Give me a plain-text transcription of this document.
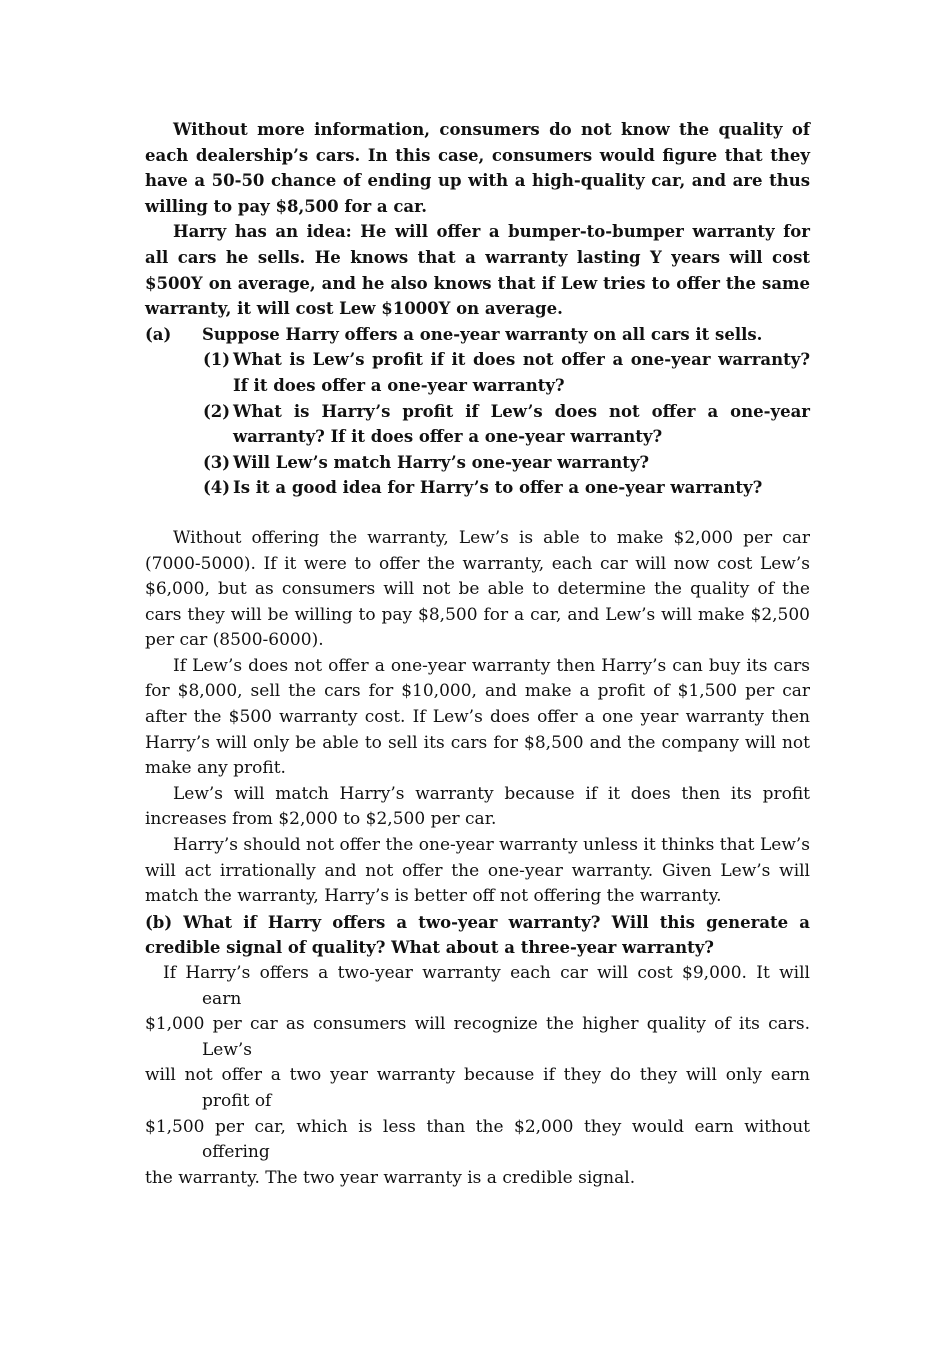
Without more information, consumers do not know the quality of each dealership’s cars. In this case, consumers would figure that they have a 50-50 chance of ending up with a high-quality car, and are thus willing to pay $8,500 for a car.

Harry has an idea: He will offer a bumper-to-bumper warranty for all cars he sells. He knows that a warranty lasting Y years will cost $500Y on average, and he also knows that if Lew tries to offer the same warranty, it will cost Lew $1000Y on average.

(a)	Suppose Harry offers a one-year warranty on all cars it sells.
(1) What is Lew’s profit if it does not offer a one-year warranty? If it does offer a one-year warranty?
(2) What is Harry’s profit if Lew’s does not offer a one-year warranty? If it does offer a one-year warranty?
(3) Will Lew’s match Harry’s one-year warranty?
(4) Is it a good idea for Harry’s to offer a one-year warranty?

Without offering the warranty, Lew’s is able to make $2,000 per car (7000-5000). If it were to offer the warranty, each car will now cost Lew’s $6,000, but as consumers will not be able to determine the quality of the cars they will be willing to pay $8,500 for a car, and Lew’s will make $2,500 per car (8500-6000).

If Lew’s does not offer a one-year warranty then Harry’s can buy its cars for $8,000, sell the cars for $10,000, and make a profit of $1,500 per car after the $500 warranty cost. If Lew’s does offer a one year warranty then Harry’s will only be able to sell its cars for $8,500 and the company will not make any profit.

Lew’s will match Harry’s warranty because if it does then its profit increases from $2,000 to $2,500 per car.

Harry’s should not offer the one-year warranty unless it thinks that Lew’s will act irrationally and not offer the one-year warranty. Given Lew’s will match the warranty, Harry’s is better off not offering the warranty.

(b) What if Harry offers a two-year warranty? Will this generate a credible signal of quality? What about a three-year warranty?

If Harry’s offers a two-year warranty each car will cost $9,000. It will
earn
$1,000 per car as consumers will recognize the higher quality of its cars.
Lew’s
will not offer a two year warranty because if they do they will only earn
profit of
$1,500 per car, which is less than the $2,000 they would earn without
offering
the warranty. The two year warranty is a credible signal.
